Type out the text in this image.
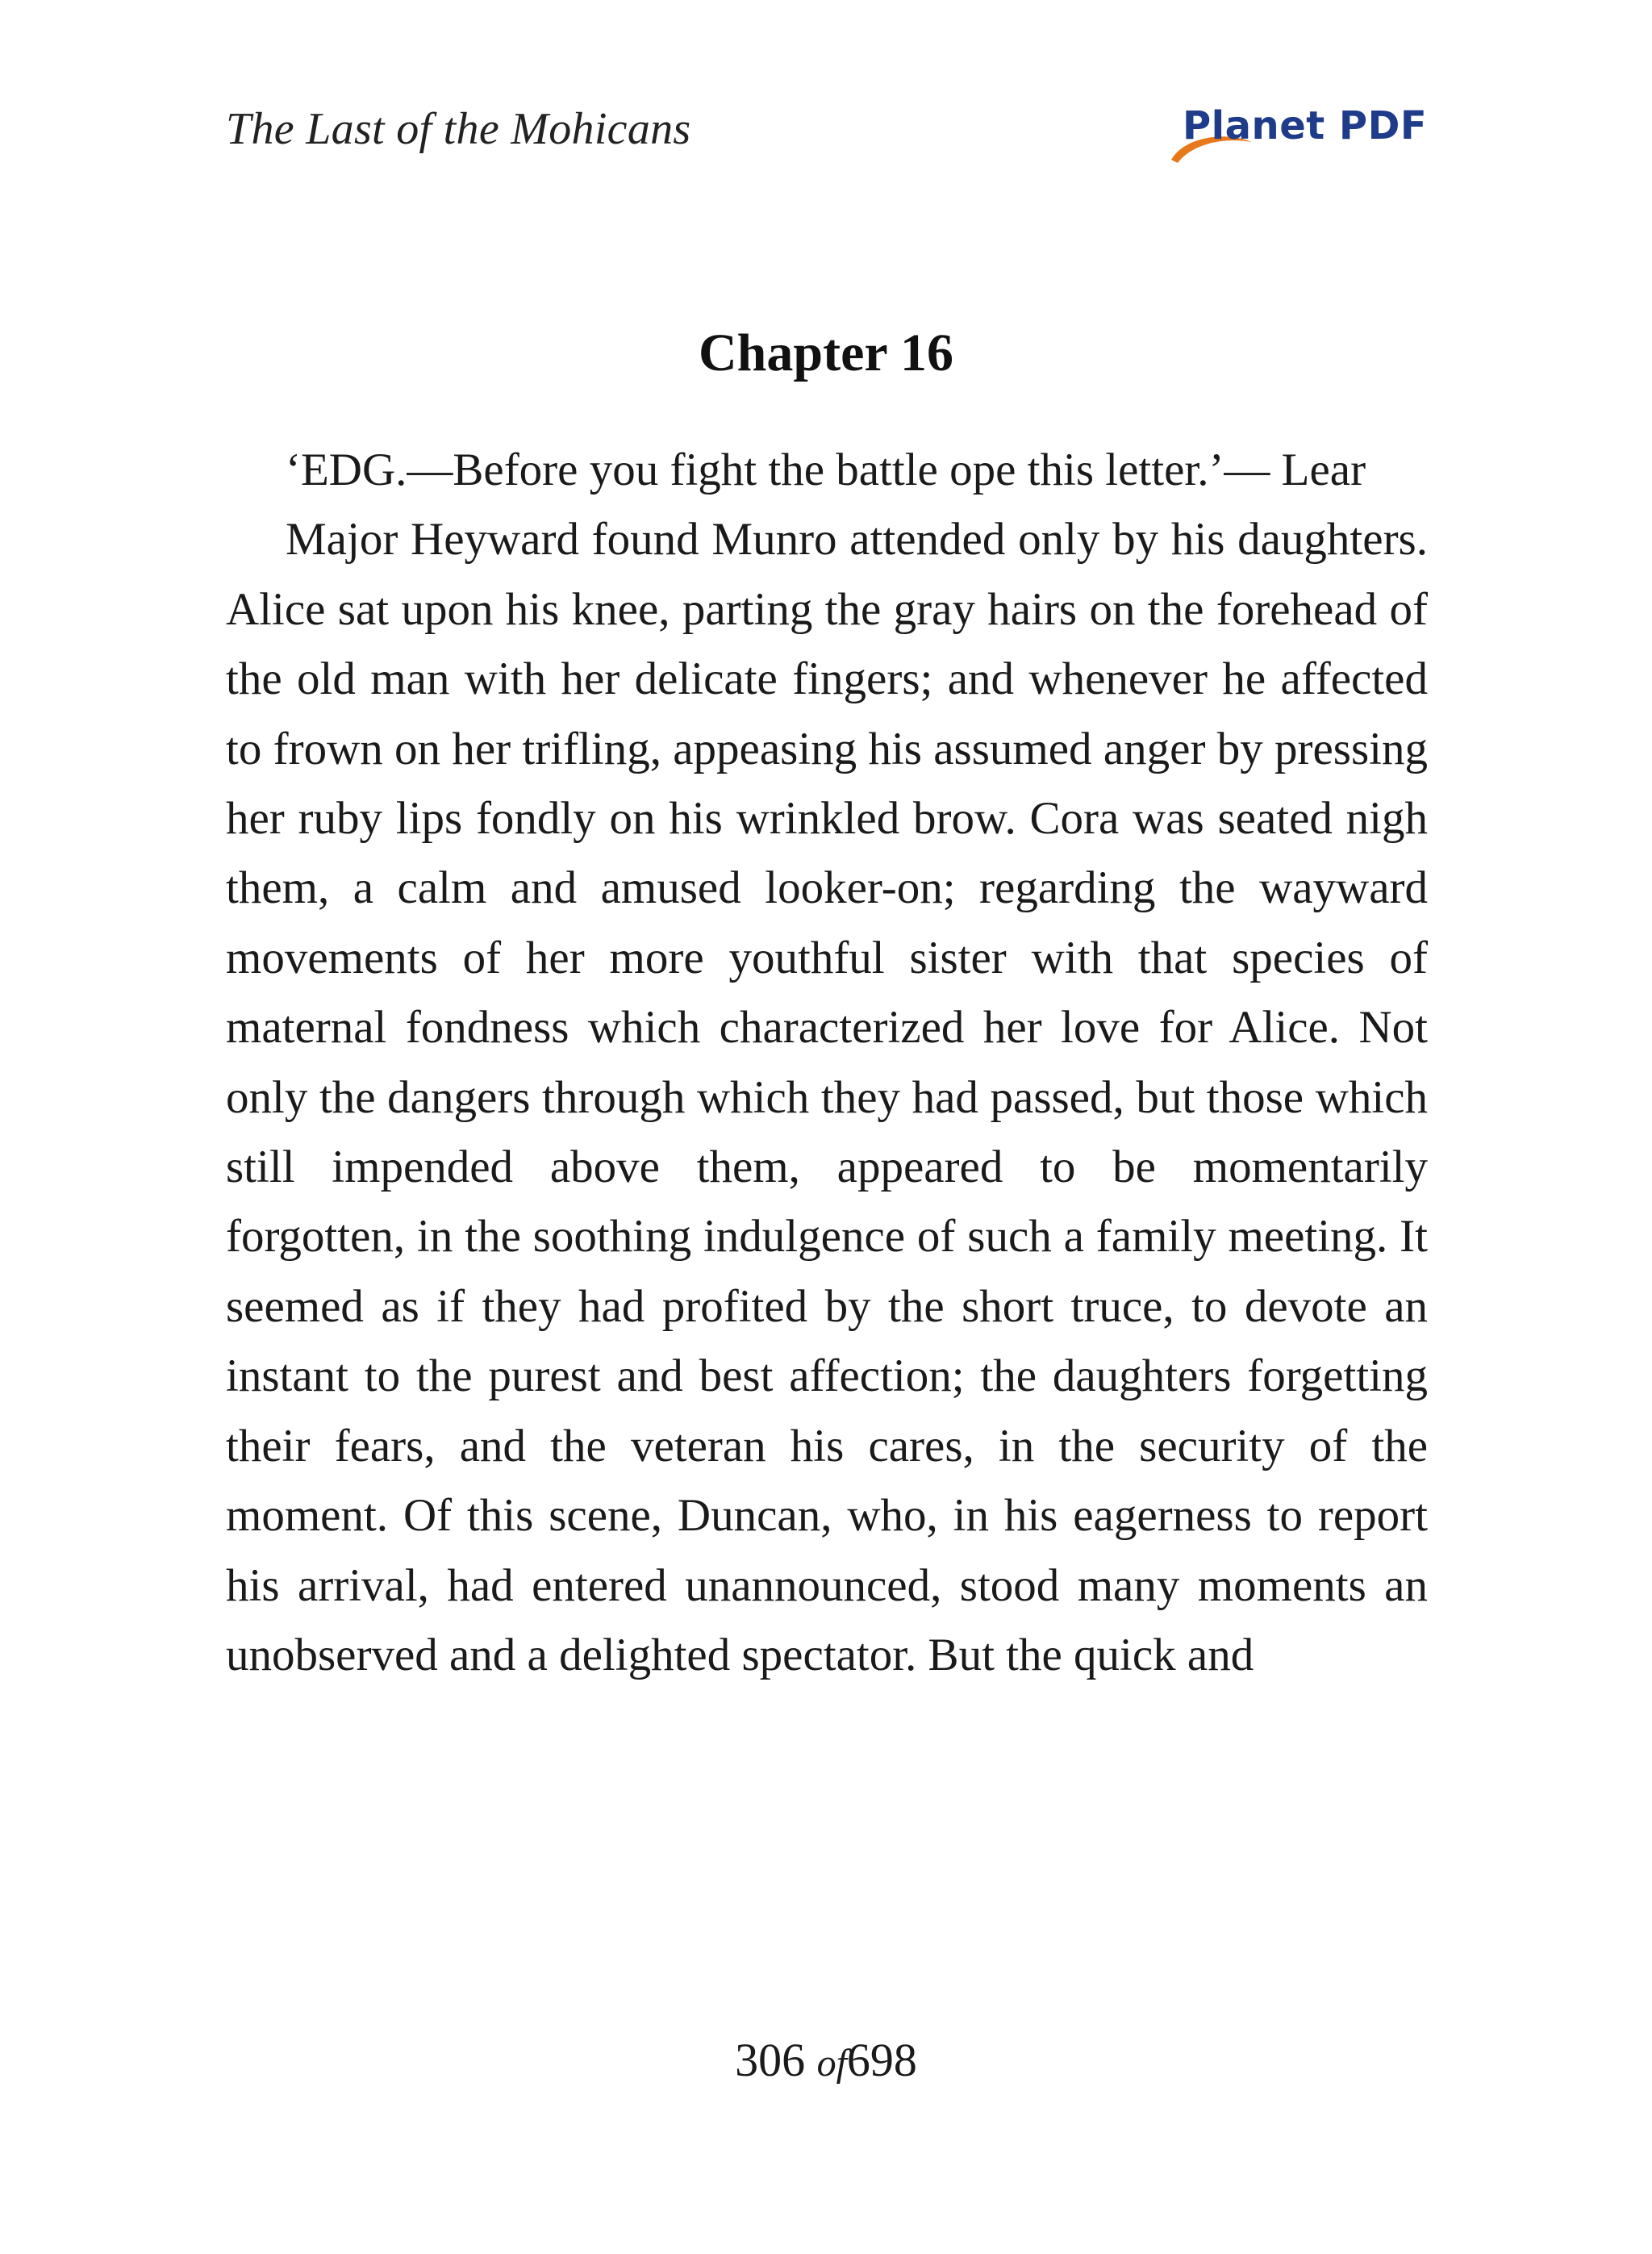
The Last of the Mohicans	Planet PDF
Chapter 16

‘EDG.—Before you fight the battle ope this letter.’— Lear

Major Heyward found Munro attended only by his daughters. Alice sat upon his knee, parting the gray hairs on the forehead of the old man with her delicate fingers; and whenever he affected to frown on her trifling, appeasing his assumed anger by pressing her ruby lips fondly on his wrinkled brow. Cora was seated nigh them, a calm and amused looker-on; regarding the wayward movements of her more youthful sister with that species of maternal fondness which characterized her love for Alice. Not only the dangers through which they had passed, but those which still impended above them, appeared to be momentarily forgotten, in the soothing indulgence of such a family meeting. It seemed as if they had profited by the short truce, to devote an instant to the purest and best affection; the daughters forgetting their fears, and the veteran his cares, in the security of the moment. Of this scene, Duncan, who, in his eagerness to report his arrival, had entered unannounced, stood many moments an unobserved and a delighted spectator. But the quick and

306 of698
